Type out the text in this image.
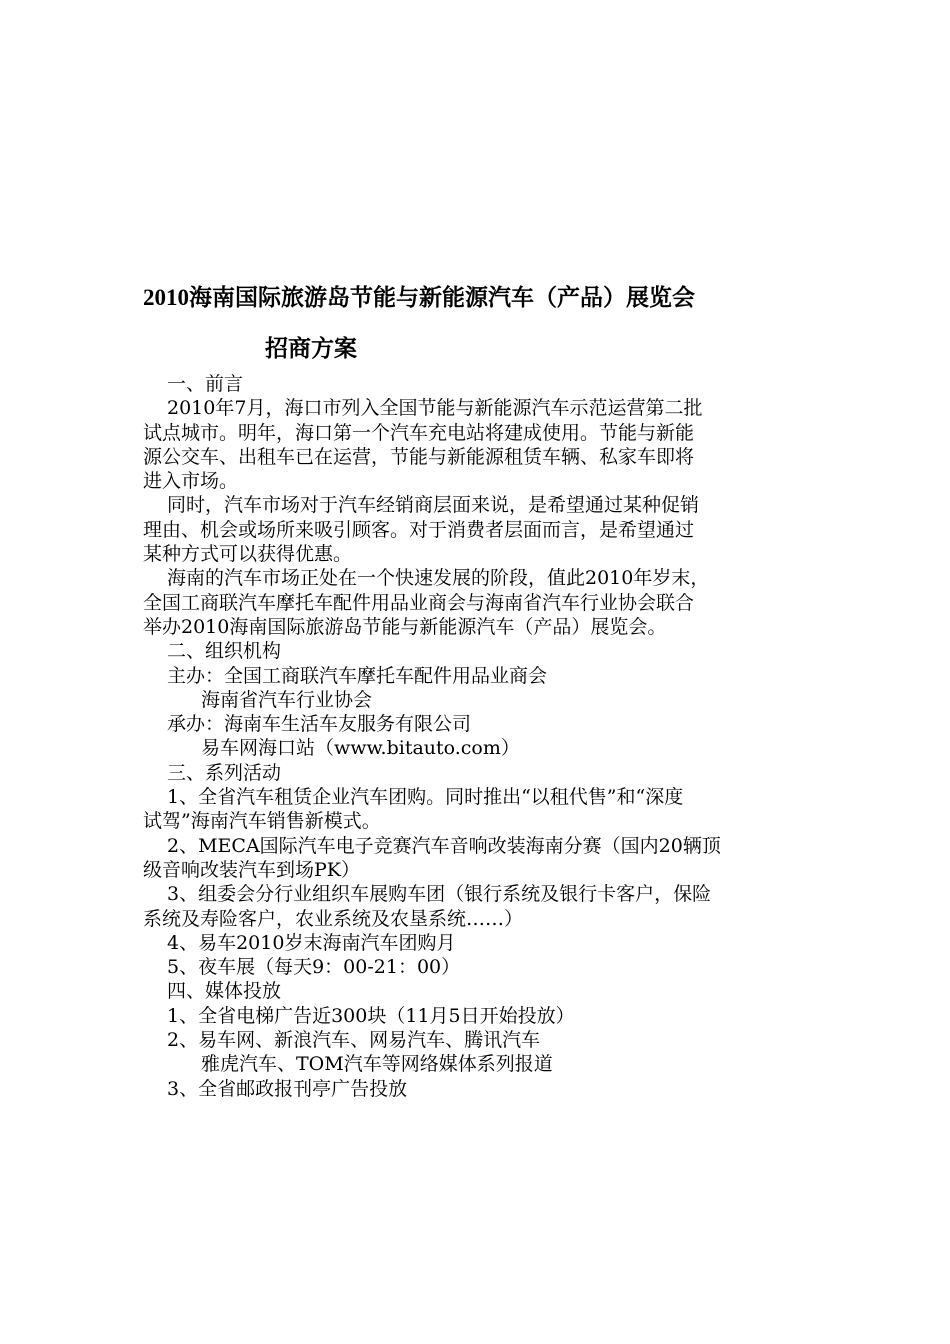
2010海南国际旅游岛节能与新能源汽车（产品）展览会
招商方案
一、前言
2010年7月，海口市列入全国节能与新能源汽车示范运营第二批
试点城市。明年，海口第一个汽车充电站将建成使用。节能与新能
源公交车、出租车已在运营，节能与新能源租赁车辆、私家车即将
进入市场。
同时，汽车市场对于汽车经销商层面来说，是希望通过某种促销
理由、机会或场所来吸引顾客。对于消费者层面而言，是希望通过
某种方式可以获得优惠。
海南的汽车市场正处在一个快速发展的阶段，值此2010年岁末，
全国工商联汽车摩托车配件用品业商会与海南省汽车行业协会联合
举办2010海南国际旅游岛节能与新能源汽车（产品）展览会。
二、组织机构
主办：全国工商联汽车摩托车配件用品业商会
海南省汽车行业协会
承办：海南车生活车友服务有限公司
易车网海口站（www.bitauto.com）
三、系列活动
1、全省汽车租赁企业汽车团购。同时推出“以租代售”和“深度
试驾”海南汽车销售新模式。
2、MECA国际汽车电子竞赛汽车音响改装海南分赛（国内20辆顶
级音响改装汽车到场PK）
3、组委会分行业组织车展购车团（银行系统及银行卡客户，保险
系统及寿险客户，农业系统及农垦系统……）
4、易车2010岁末海南汽车团购月
5、夜车展（每天9：00-21：00）
四、媒体投放
1、全省电梯广告近300块（11月5日开始投放）
2、易车网、新浪汽车、网易汽车、腾讯汽车
雅虎汽车、TOM汽车等网络媒体系列报道
3、全省邮政报刊亭广告投放
